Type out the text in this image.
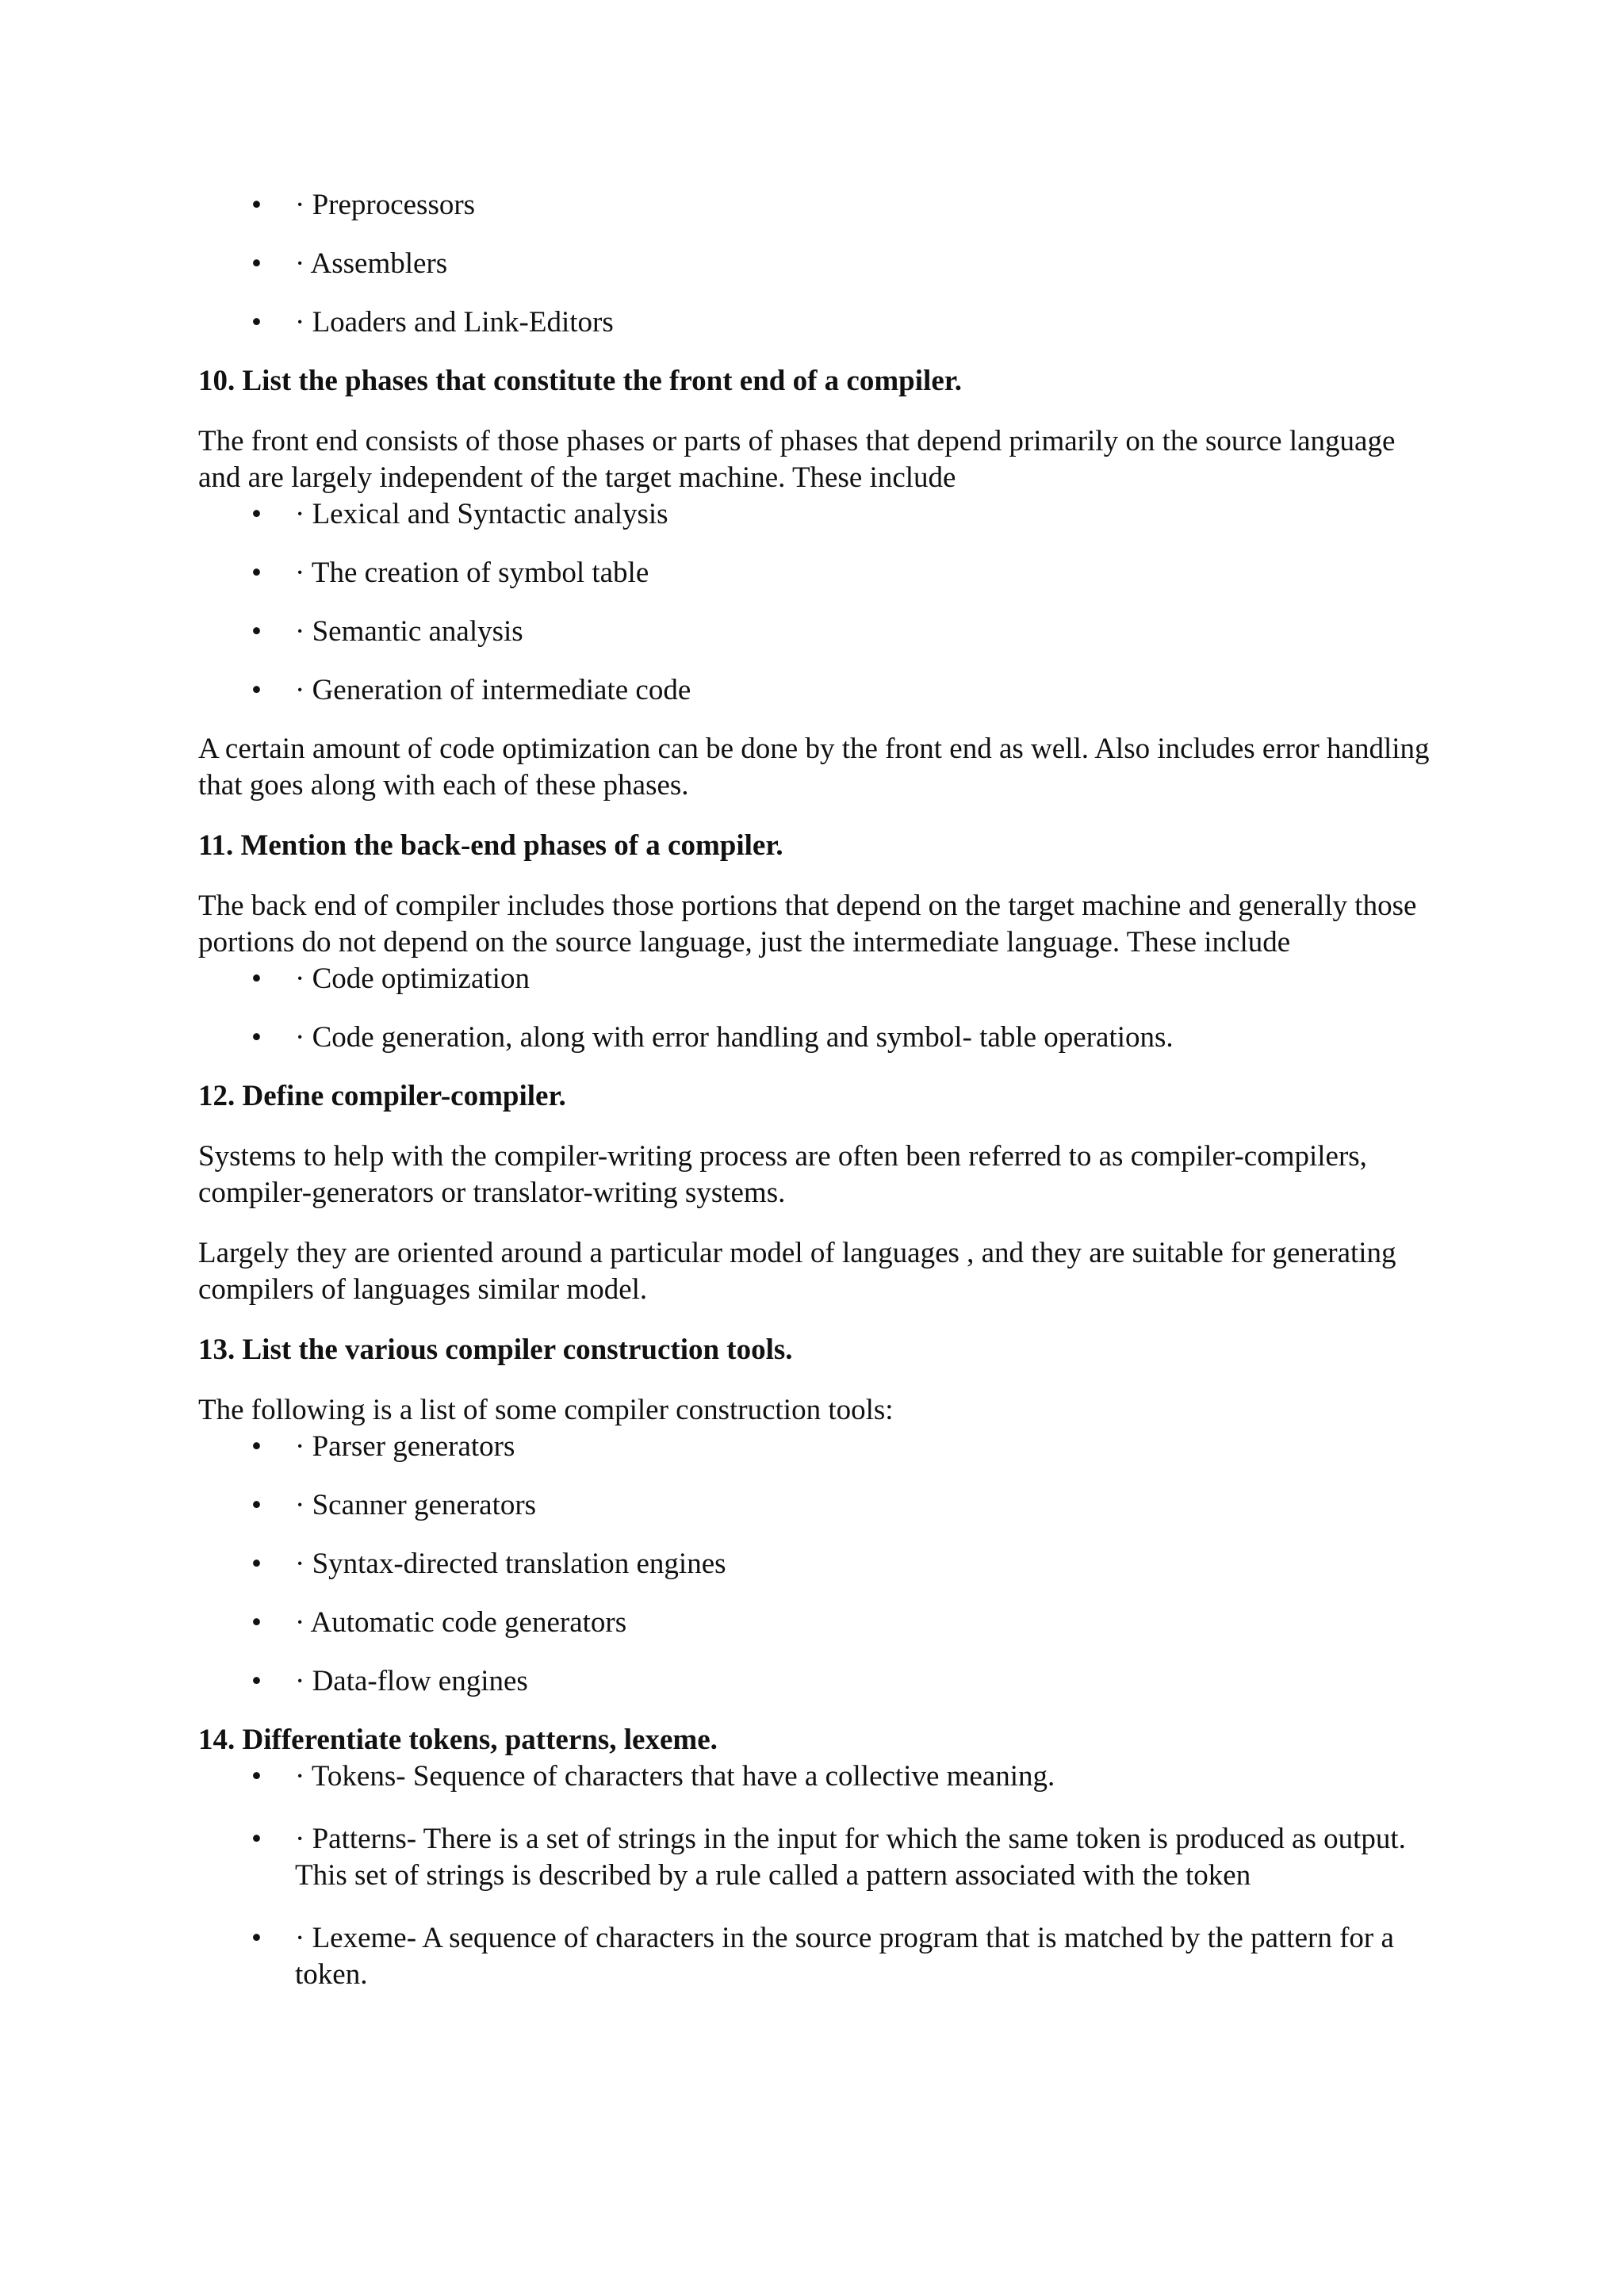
• · Preprocessors
• · Assemblers
• · Loaders and Link-Editors

10. List the phases that constitute the front end of a compiler.

The front end consists of those phases or parts of phases that depend primarily on the source language and are largely independent of the target machine. These include

• · Lexical and Syntactic analysis
• · The creation of symbol table
• · Semantic analysis
• · Generation of intermediate code

A certain amount of code optimization can be done by the front end as well. Also includes error handling that goes along with each of these phases.

11. Mention the back-end phases of a compiler.

The back end of compiler includes those portions that depend on the target machine and generally those portions do not depend on the source language, just the intermediate language. These include

• · Code optimization
• · Code generation, along with error handling and symbol- table operations.

12. Define compiler-compiler.

Systems to help with the compiler-writing process are often been referred to as compiler-compilers, compiler-generators or translator-writing systems.

Largely they are oriented around a particular model of languages , and they are suitable for generating compilers of languages similar model.

13. List the various compiler construction tools.

The following is a list of some compiler construction tools:

• · Parser generators
• · Scanner generators
• · Syntax-directed translation engines
• · Automatic code generators
• · Data-flow engines

14. Differentiate tokens, patterns, lexeme.

• · Tokens- Sequence of characters that have a collective meaning.
• · Patterns- There is a set of strings in the input for which the same token is produced as output. This set of strings is described by a rule called a pattern associated with the token
• · Lexeme- A sequence of characters in the source program that is matched by the pattern for a token.
